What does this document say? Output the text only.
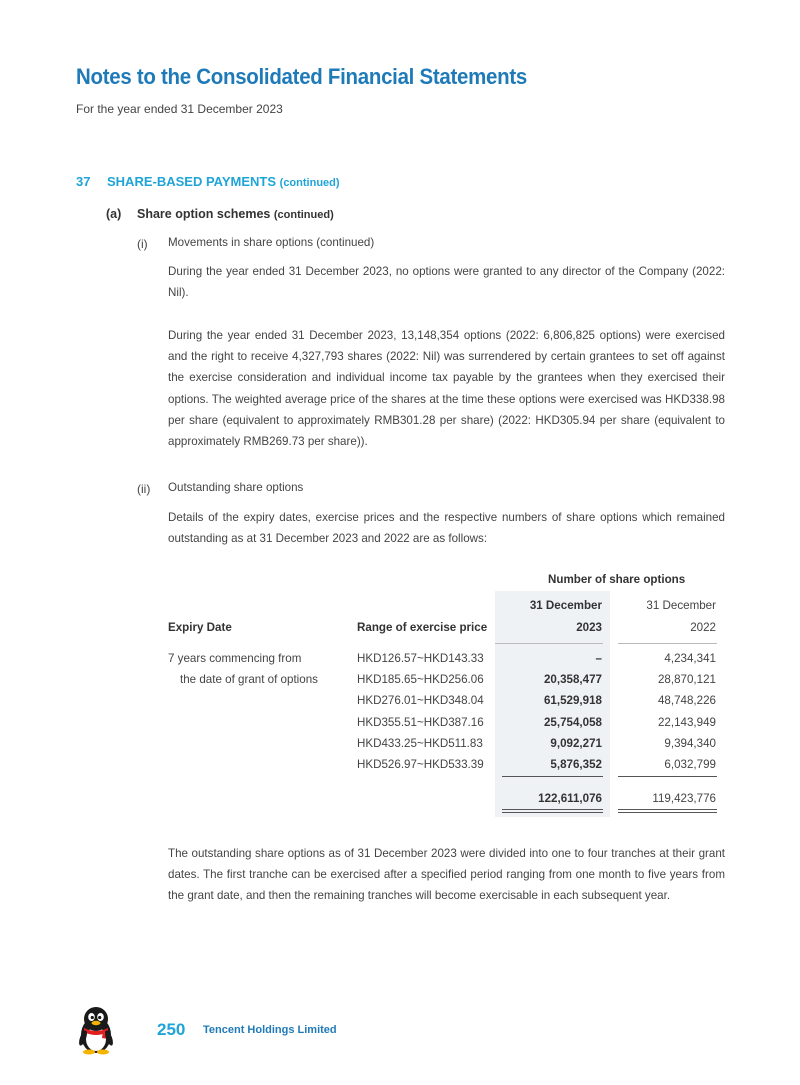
Notes to the Consolidated Financial Statements
For the year ended 31 December 2023
37 SHARE-BASED PAYMENTS (continued)
(a) Share option schemes (continued)
(i) Movements in share options (continued)

During the year ended 31 December 2023, no options were granted to any director of the Company (2022: Nil).

During the year ended 31 December 2023, 13,148,354 options (2022: 6,806,825 options) were exercised and the right to receive 4,327,793 shares (2022: Nil) was surrendered by certain grantees to set off against the exercise consideration and individual income tax payable by the grantees when they exercised their options. The weighted average price of the shares at the time these options were exercised was HKD338.98 per share (equivalent to approximately RMB301.28 per share) (2022: HKD305.94 per share (equivalent to approximately RMB269.73 per share)).

(ii) Outstanding share options

Details of the expiry dates, exercise prices and the respective numbers of share options which remained outstanding as at 31 December 2023 and 2022 are as follows:

Number of share options
31 December	31 December
Expiry Date	Range of exercise price	2023	2022
7 years commencing from
the date of grant of options
HKD126.57~HKD143.33	–	4,234,341
HKD185.65~HKD256.06	20,358,477	28,870,121
HKD276.01~HKD348.04	61,529,918	48,748,226
HKD355.51~HKD387.16	25,754,058	22,143,949
HKD433.25~HKD511.83	9,092,271	9,394,340
HKD526.97~HKD533.39	5,876,352	6,032,799
122,611,076	119,423,776

The outstanding share options as of 31 December 2023 were divided into one to four tranches at their grant dates. The first tranche can be exercised after a specified period ranging from one month to five years from the grant date, and then the remaining tranches will become exercisable in each subsequent year.

250 Tencent Holdings Limited
